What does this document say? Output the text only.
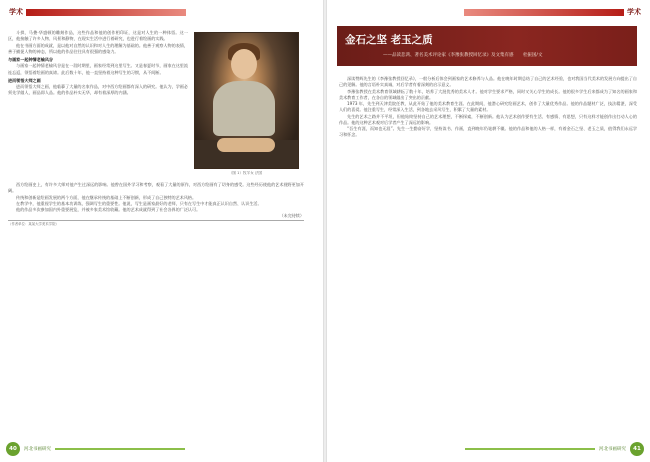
学术
The Academy

斗拱、马叠·华盛顿的雕刻作品，这些作品和他的创作相印证，这是对人生的一种体悟。这一区，他接触了许多人物、风景和静物，在现实生活中进行着研究，也进行着绘画的实践。

他在书画方面的成就，是以他对自然的认识和对人生的理解为基础的。他善于观察人物的表情，善于捕捉人物的神态，所以他的作品往往具有很强的感染力。

与画家一起钟情老榆风谷

与画家一起钟情老榆风谷是在一段时期里，画家经常到这里写生。又是春夏时节，画家在这里流连忘返，领悟着绘画的真谛。此后数十年，他一直坚持着这种写生的习惯，从不间断。

进而领悟大师之画

进而领悟大师之画，他临摹了大量的名家作品，对中西方绘画都有深入的研究。他认为，学画必须先学做人，画品即人品。他的作品朴实无华，却有着深厚的内涵。

（图 1）牧羊女 法国

西方绘画史上，有许多大师对他产生过深远的影响。他曾在国外学习和考察，观看了大量的原作，对西方绘画有了切身的感受。这些经历使他的艺术视野更加开阔。

传统和创新是绘画发展的两个方面，他在继承传统的基础上不断创新，形成了自己独特的艺术风格。

在教学中，他重视学生的基本功训练，强调写生的重要性。他说，写生是画家最好的老师，只有在写生中才能真正认识自然、认识生活。

他的作品多次参加国内外重要展览，并被多家美术馆收藏。他的艺术成就得到了社会各界的广泛认可。

（未完待续）

（作者单位：某某大学美术学院）

40	河北书画研究
The Academy
学术
金石之坚 老玉之质
——品读悲鸿、著名美术评论家《李豫张教授回忆录》及文集有感 杜振国/文

深读赞辉先生的《李豫张教授回忆录》，一般分析后体会到画家的艺术修养与人品。他在晚年时期总结了自己的艺术经验，也对我国当代美术的发展方向提出了自己的见解。他的言语朴实真诚，对后学者有着深刻的启示意义。

李豫张教授在美术教育领域耕耘了数十年，培养了大批优秀的美术人才。他对学生要求严格，同时又关心学生的成长。他的很多学生后来都成为了知名的画家和美术教育工作者，在各自的领域做出了突出的贡献。

1973 年，先生到天津美院任教，从此开始了他的美术教育生涯。在此期间，他潜心研究绘画艺术，创作了大量优秀作品。他的作品题材广泛，技法精湛，深受人们的喜爱。他注重写生，经常深入生活，到各地去采风写生，积累了大量的素材。

先生的艺术之路并不平坦，但他始终坚持自己的艺术理想，不断探索，不断创新。他认为艺术创作要有生活、有感情、有思想，只有这样才能创作出打动人心的作品。他的这种艺术观对后学者产生了深远的影响。

“吾生有涯，而知也无涯”。先生一生勤奋好学，坚持读书、作画，直到晚年仍笔耕不辍。他的作品和他的人格一样，有着金石之坚、老玉之质，值得我们永远学习和怀念。

41
河北书画研究
